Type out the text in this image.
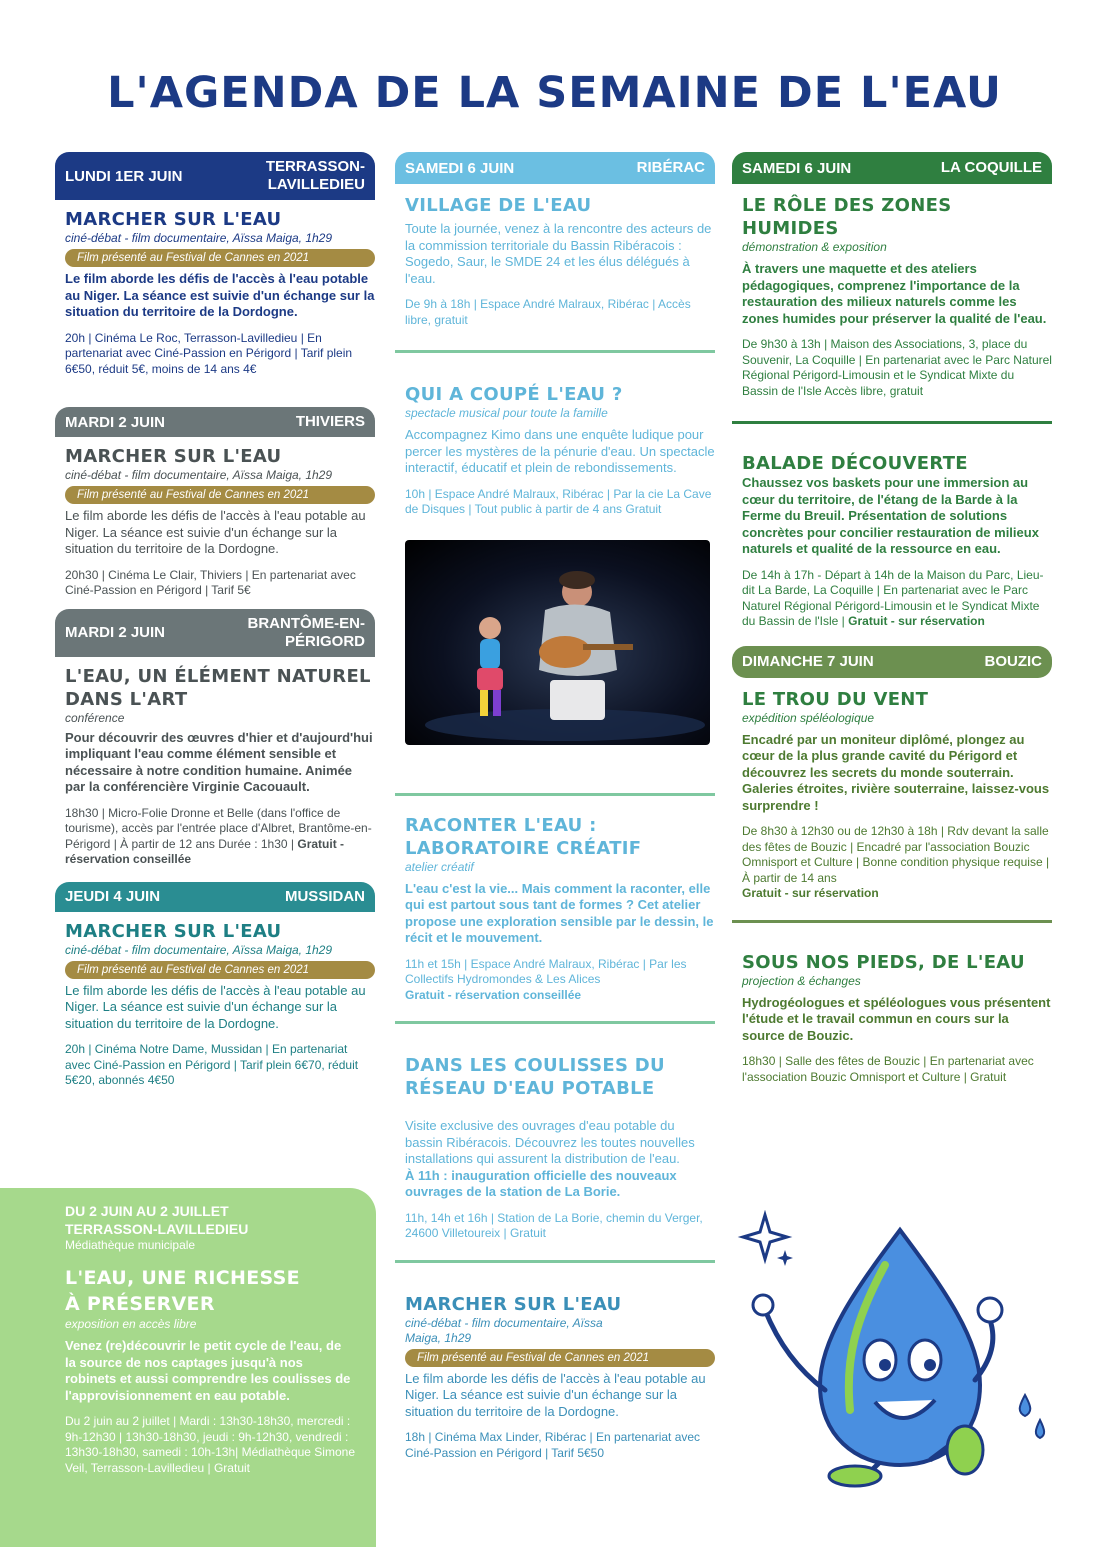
L'AGENDA DE LA SEMAINE DE L'EAU
LUNDI 1ER JUIN
TERRASSON-LAVILLEDIEU

MARCHER SUR L'EAU

ciné-débat - film documentaire, Aïssa Maiga, 1h29

Film présenté au Festival de Cannes en 2021

Le film aborde les défis de l'accès à l'eau potable au Niger. La séance est suivie d'un échange sur la situation du territoire de la Dordogne.

20h | Cinéma Le Roc, Terrasson-Lavilledieu | En partenariat avec Ciné-Passion en Périgord | Tarif plein 6€50, réduit 5€, moins de 14 ans 4€

MARDI 2 JUIN	THIVIERS

MARCHER SUR L'EAU

ciné-débat - film documentaire, Aïssa Maiga, 1h29

Film présenté au Festival de Cannes en 2021

Le film aborde les défis de l'accès à l'eau potable au Niger. La séance est suivie d'un échange sur la situation du territoire de la Dordogne.

20h30 | Cinéma Le Clair, Thiviers | En partenariat avec Ciné-Passion en Périgord | Tarif 5€

MARDI 2 JUIN
BRANTÔME-EN-PÉRIGORD

L'EAU, UN ÉLÉMENT NATUREL DANS L'ART

conférence

Pour découvrir des œuvres d'hier et d'aujourd'hui impliquant l'eau comme élément sensible et nécessaire à notre condition humaine. Animée par la conférencière Virginie Cacouault.

18h30 | Micro-Folie Dronne et Belle (dans l'office de tourisme), accès par l'entrée place d'Albret, Brantôme-en-Périgord | À partir de 12 ans Durée : 1h30 | Gratuit - réservation conseillée

JEUDI 4 JUIN	MUSSIDAN

MARCHER SUR L'EAU

ciné-débat - film documentaire, Aïssa Maiga, 1h29

Film présenté au Festival de Cannes en 2021

Le film aborde les défis de l'accès à l'eau potable au Niger. La séance est suivie d'un échange sur la situation du territoire de la Dordogne.

20h | Cinéma Notre Dame, Mussidan | En partenariat avec Ciné-Passion en Périgord | Tarif plein 6€70, réduit 5€20, abonnés 4€50

DU 2 JUIN AU 2 JUILLET

TERRASSON-LAVILLEDIEU

Médiathèque municipale

L'EAU, UNE RICHESSE À PRÉSERVER

exposition en accès libre

Venez (re)découvrir le petit cycle de l'eau, de la source de nos captages jusqu'à nos robinets et aussi comprendre les coulisses de l'approvisionnement en eau potable.

Du 2 juin au 2 juillet | Mardi : 13h30-18h30, mercredi : 9h-12h30 | 13h30-18h30, jeudi : 9h-12h30, vendredi : 13h30-18h30, samedi : 10h-13h| Médiathèque Simone Veil, Terrasson-Lavilledieu | Gratuit

SAMEDI 6 JUIN	RIBÉRAC

VILLAGE DE L'EAU

Toute la journée, venez à la rencontre des acteurs de la commission territoriale du Bassin Ribéracois : Sogedo, Saur, le SMDE 24 et les élus délégués à l'eau.

De 9h à 18h | Espace André Malraux, Ribérac | Accès libre, gratuit

QUI A COUPÉ L'EAU ?

spectacle musical pour toute la famille

Accompagnez Kimo dans une enquête ludique pour percer les mystères de la pénurie d'eau. Un spectacle interactif, éducatif et plein de rebondissements.

10h | Espace André Malraux, Ribérac | Par la cie La Cave de Disques | Tout public à partir de 4 ans Gratuit

RACONTER L'EAU : LABORATOIRE CRÉATIF

atelier créatif

L'eau c'est la vie... Mais comment la raconter, elle qui est partout sous tant de formes ? Cet atelier propose une exploration sensible par le dessin, le récit et le mouvement.

11h et 15h | Espace André Malraux, Ribérac | Par les Collectifs Hydromondes & Les Alices
Gratuit - réservation conseillée

DANS LES COULISSES DU RÉSEAU D'EAU POTABLE

Visite exclusive des ouvrages d'eau potable du bassin Ribéracois. Découvrez les toutes nouvelles installations qui assurent la distribution de l'eau.

À 11h : inauguration officielle des nouveaux ouvrages de la station de La Borie.

11h, 14h et 16h | Station de La Borie, chemin du Verger, 24600 Villetoureix | Gratuit

MARCHER SUR L'EAU

ciné-débat - film documentaire, Aïssa Maiga, 1h29

Film présenté au Festival de Cannes en 2021

Le film aborde les défis de l'accès à l'eau potable au Niger. La séance est suivie d'un échange sur la situation du territoire de la Dordogne.

18h | Cinéma Max Linder, Ribérac | En partenariat avec Ciné-Passion en Périgord | Tarif 5€50

SAMEDI 6 JUIN	LA COQUILLE

LE RÔLE DES ZONES HUMIDES

démonstration & exposition

À travers une maquette et des ateliers pédagogiques, comprenez l'importance de la restauration des milieux naturels comme les zones humides pour préserver la qualité de l'eau.

De 9h30 à 13h | Maison des Associations, 3, place du Souvenir, La Coquille | En partenariat avec le Parc Naturel Régional Périgord-Limousin et le Syndicat Mixte du Bassin de l'Isle Accès libre, gratuit

BALADE DÉCOUVERTE

Chaussez vos baskets pour une immersion au cœur du territoire, de l'étang de la Barde à la Ferme du Breuil. Présentation de solutions concrètes pour concilier restauration de milieux naturels et qualité de la ressource en eau.

De 14h à 17h - Départ à 14h de la Maison du Parc, Lieu-dit La Barde, La Coquille | En partenariat avec le Parc Naturel Régional Périgord-Limousin et le Syndicat Mixte du Bassin de l'Isle | Gratuit - sur réservation

DIMANCHE 7 JUIN	BOUZIC

LE TROU DU VENT

expédition spéléologique

Encadré par un moniteur diplômé, plongez au cœur de la plus grande cavité du Périgord et découvrez les secrets du monde souterrain. Galeries étroites, rivière souterraine, laissez-vous surprendre !

De 8h30 à 12h30 ou de 12h30 à 18h | Rdv devant la salle des fêtes de Bouzic | Encadré par l'association Bouzic Omnisport et Culture | Bonne condition physique requise | À partir de 14 ans
Gratuit - sur réservation

SOUS NOS PIEDS, DE L'EAU

projection & échanges

Hydrogéologues et spéléologues vous présentent l'étude et le travail commun en cours sur la source de Bouzic.

18h30 | Salle des fêtes de Bouzic | En partenariat avec l'association Bouzic Omnisport et Culture | Gratuit
